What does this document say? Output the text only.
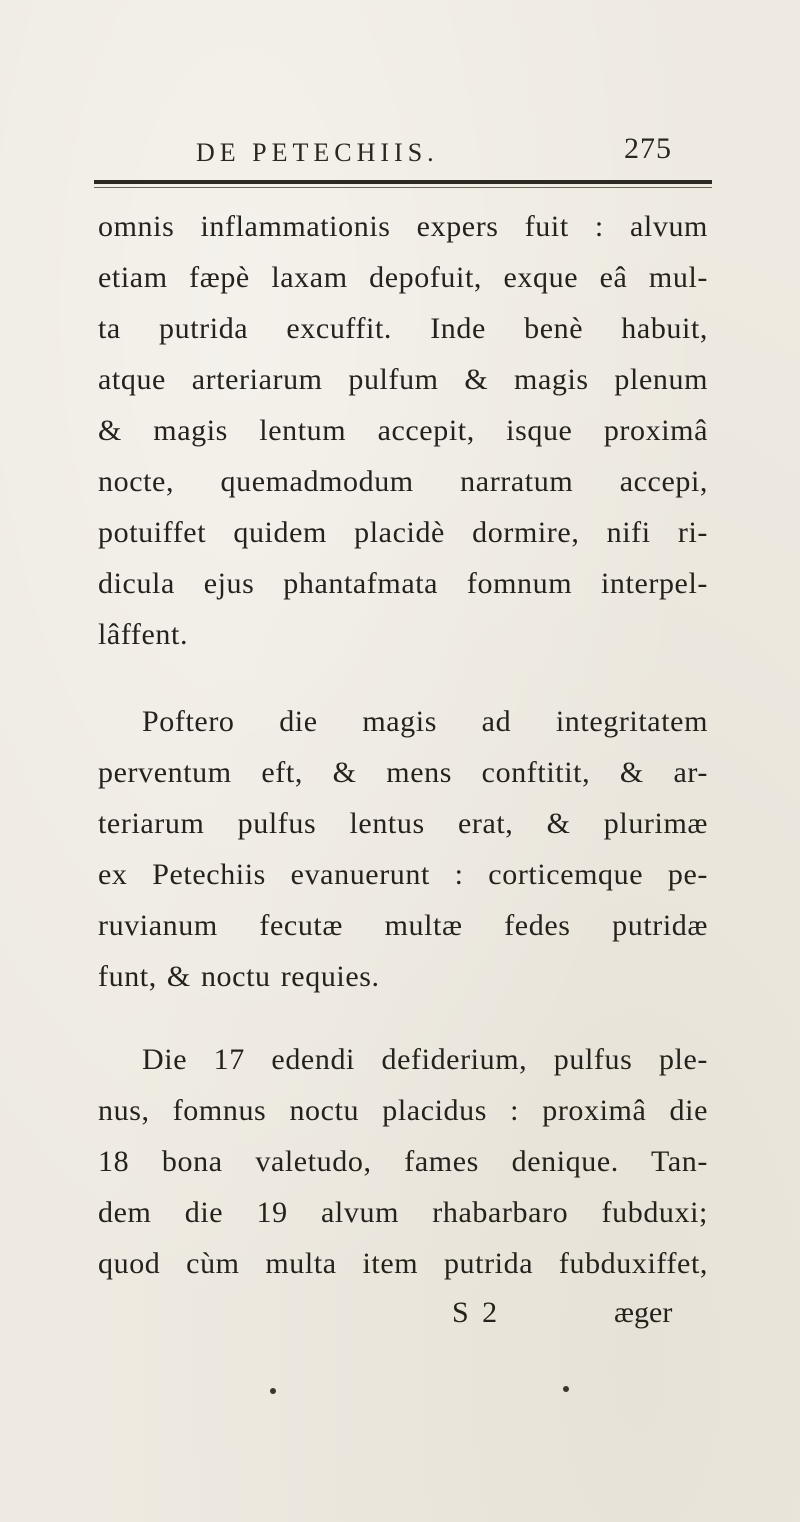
DE PETECHIIS.	275
omnis inflammationis expers fuit : alvum
etiam fæpè laxam depofuit, exque eâ mul-
ta putrida excuffit. Inde benè habuit,
atque arteriarum pulfum & magis plenum
& magis lentum accepit, isque proximâ
nocte, quemadmodum narratum accepi,
potuiffet quidem placidè dormire, nifi ri-
dicula ejus phantafmata fomnum interpel-
lâffent.
Poftero die magis ad integritatem
perventum eft, & mens conftitit, & ar-
teriarum pulfus lentus erat, & plurimæ
ex Petechiis evanuerunt : corticemque pe-
ruvianum fecutæ multæ fedes putridæ
funt, & noctu requies.
Die 17 edendi defiderium, pulfus ple-
nus, fomnus noctu placidus : proximâ die
18 bona valetudo, fames denique. Tan-
dem die 19 alvum rhabarbaro fubduxi;
quod cùm multa item putrida fubduxiffet,
S 2	æger
